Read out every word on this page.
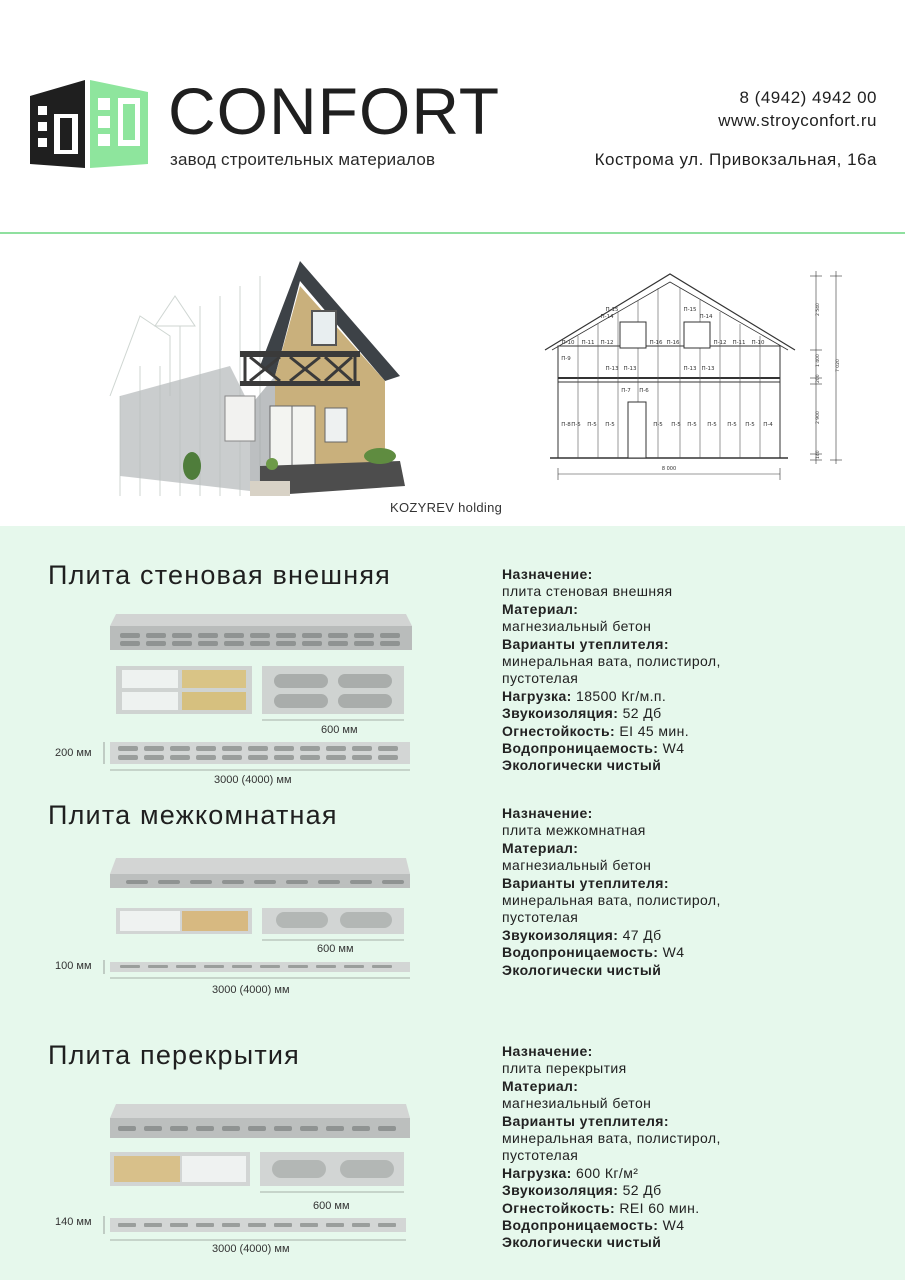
CONFORT
завод строительных материалов
8 (4942) 4942 00
www.stroyconfort.ru
Кострома ул. Привокзальная, 16а
KOZYREV holding
П-15
П-14
П-15
П-14
П-10 П-11 П-12	П-16 П-16	П-12 П-11 П-10
П-9
П-13 П-13	П-13 П-13
П-7 П-6
П-8 П-5 П-5 П-5	П-5 П-5 П-5 П-5 П-5 П-5 П-4
8 000
2 540
1 400
200
2 900
140
7 020
Плита стеновая внешняя
200 мм
600 мм
3000 (4000) мм
Назначение:
плита стеновая внешняя
Материал:
магнезиальный бетон
Варианты утеплителя:
минеральная вата, полистирол, пустотелая
Нагрузка: 18500 Кг/м.п.
Звукоизоляция: 52 Дб
Огнестойкость: EI 45 мин.
Водопроницаемость: W4
Экологически чистый
Плита межкомнатная
100 мм
600 мм
3000 (4000) мм
Назначение:
плита межкомнатная
Материал:
магнезиальный бетон
Варианты утеплителя:
минеральная вата, полистирол, пустотелая
Звукоизоляция: 47 Дб
Водопроницаемость: W4
Экологически чистый
Плита перекрытия
140 мм
600 мм
3000 (4000) мм
Назначение:
плита перекрытия
Материал:
магнезиальный бетон
Варианты утеплителя:
минеральная вата, полистирол, пустотелая
Нагрузка: 600 Кг/м²
Звукоизоляция: 52 Дб
Огнестойкость: REI 60 мин.
Водопроницаемость: W4
Экологически чистый
